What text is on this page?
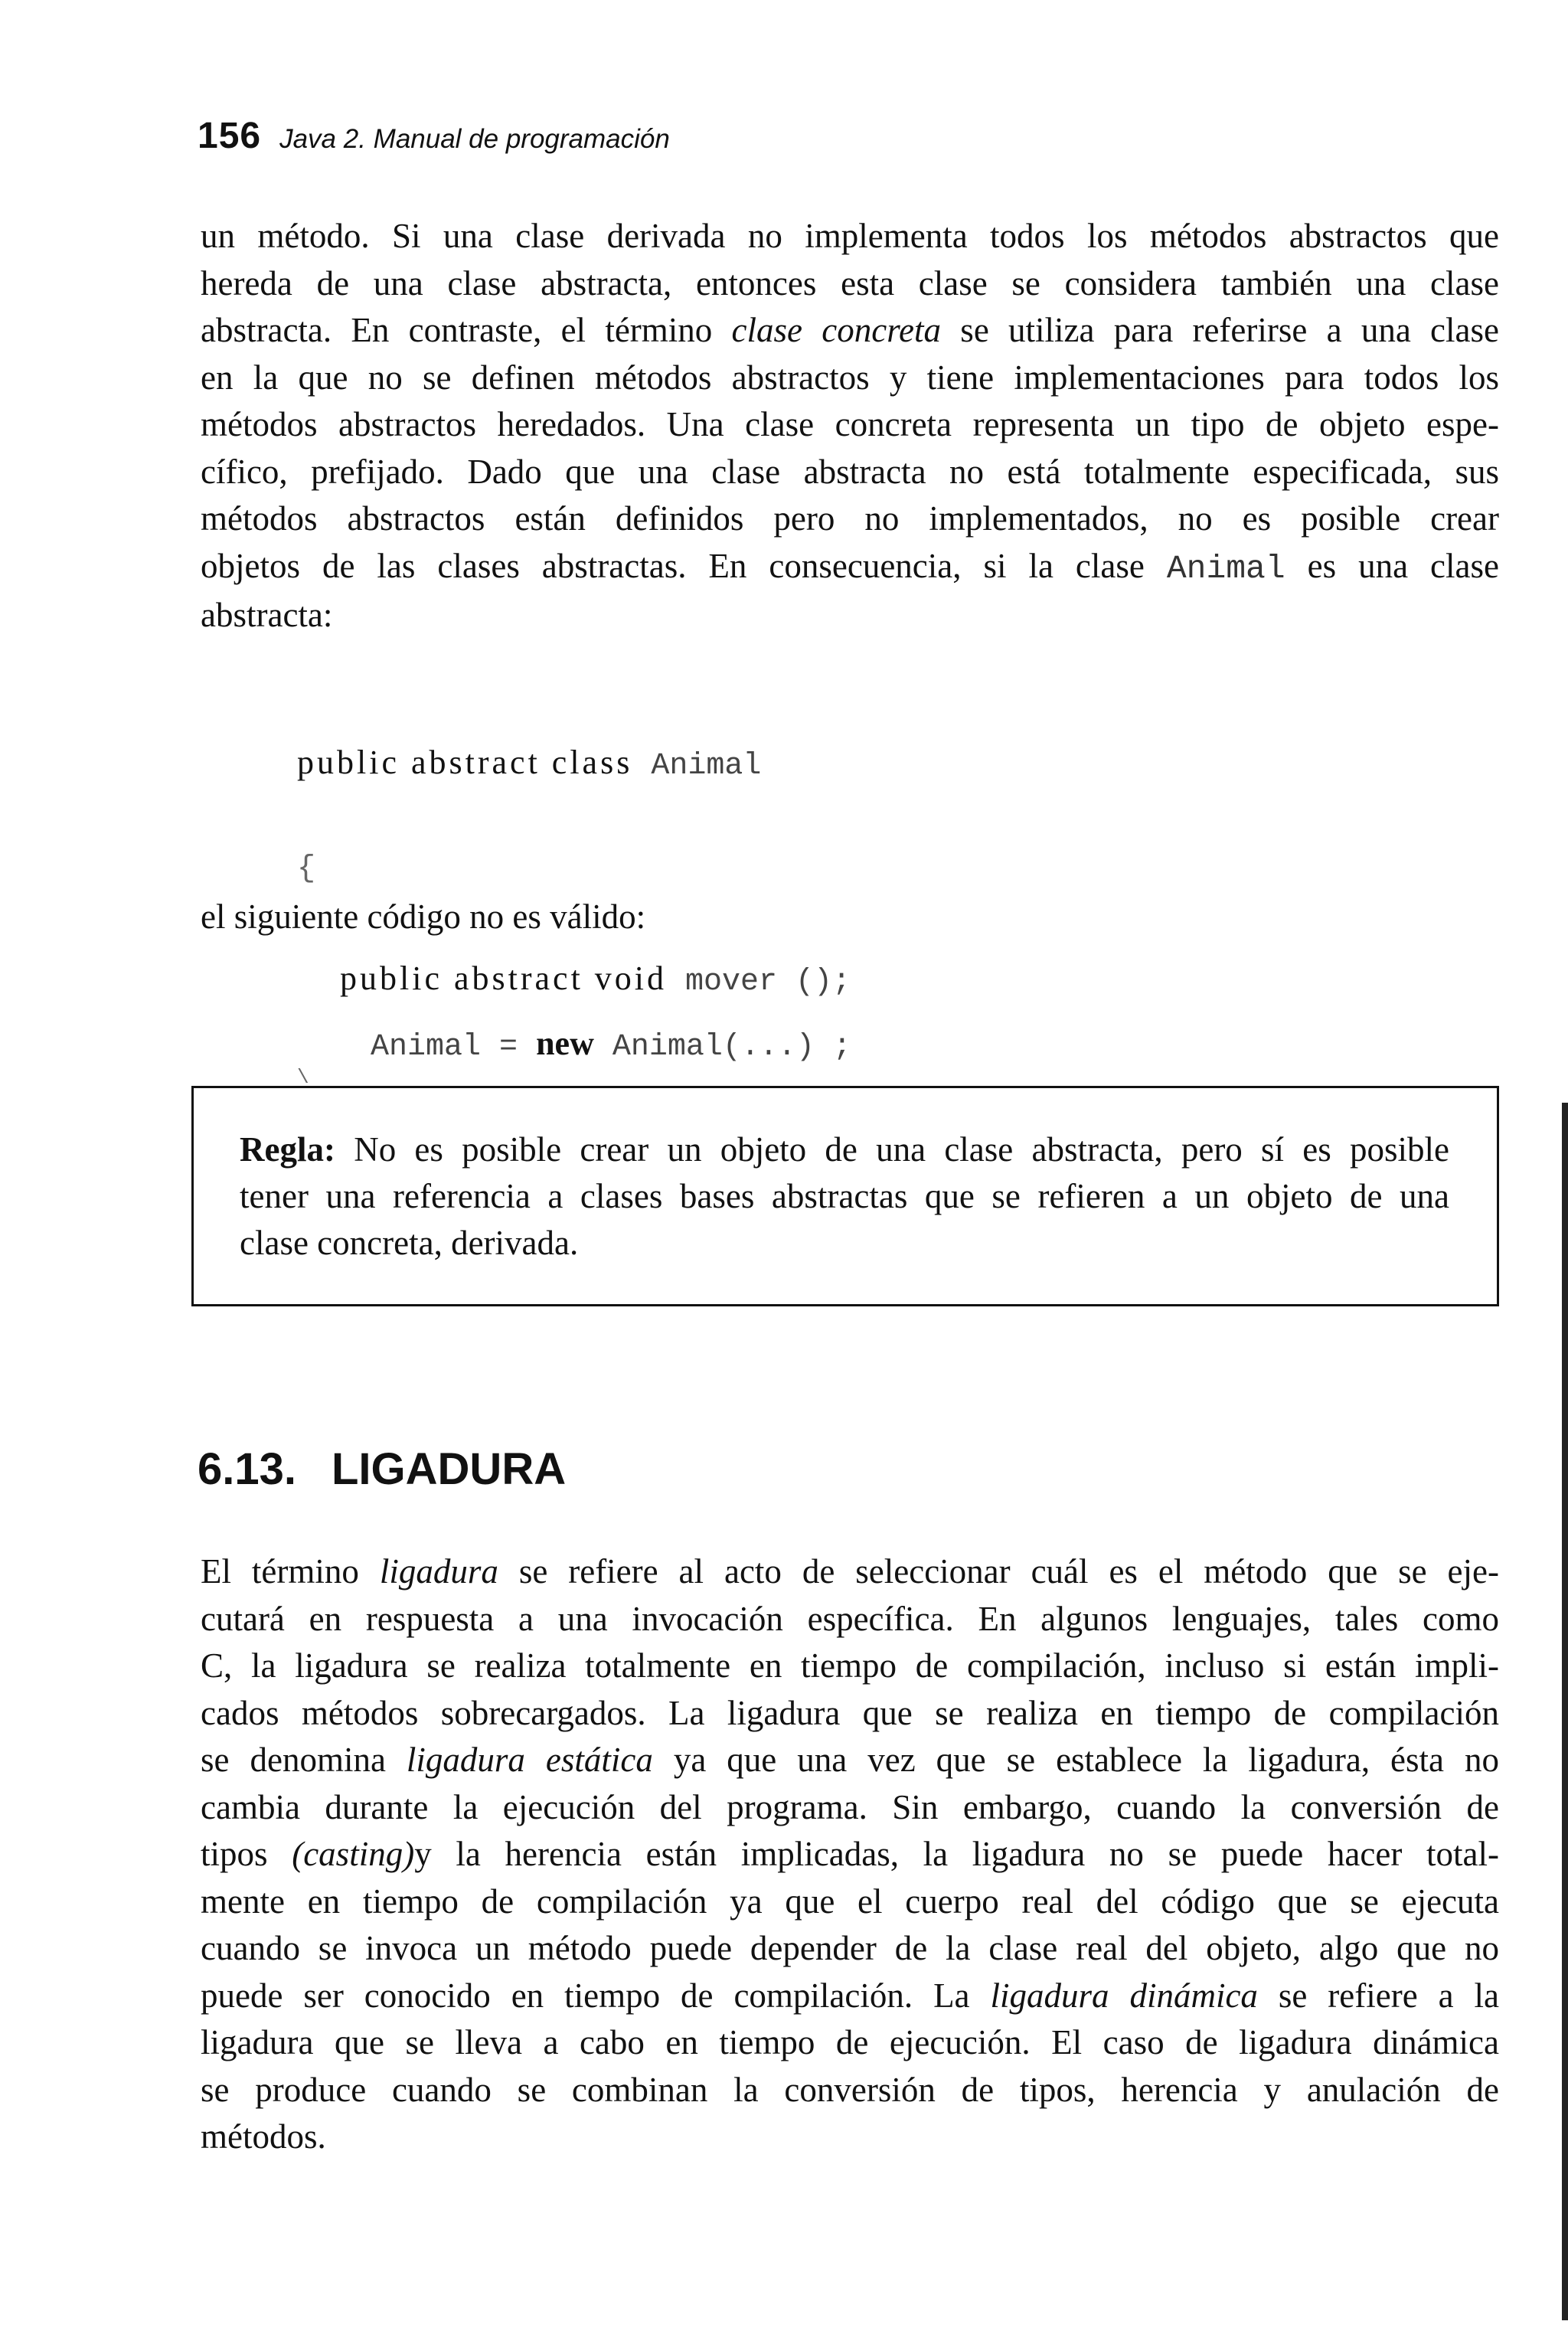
156 Java 2. Manual de programación
un método. Si una clase derivada no implementa todos los métodos abstractos que
hereda de una clase abstracta, entonces esta clase se considera también una clase
abstracta. En contraste, el término clase concreta se utiliza para referirse a una clase
en la que no se definen métodos abstractos y tiene implementaciones para todos los
métodos abstractos heredados. Una clase concreta representa un tipo de objeto espe-
cífico, prefijado. Dado que una clase abstracta no está totalmente especificada, sus
métodos abstractos están definidos pero no implementados, no es posible crear
objetos de las clases abstractas. En consecuencia, si la clase Animal es una clase
abstracta:

public abstract class Animal

{

public abstract void mover ();

\

el siguiente código no es válido:

Animal = new Animal(...) ;

Regla: No es posible crear un objeto de una clase abstracta, pero sí es posible
tener una referencia a clases bases abstractas que se refieren a un objeto de una
clase concreta, derivada.
6.13. LIGADURA
El término ligadura se refiere al acto de seleccionar cuál es el método que se eje-
cutará en respuesta a una invocación específica. En algunos lenguajes, tales como
C, la ligadura se realiza totalmente en tiempo de compilación, incluso si están impli-
cados métodos sobrecargados. La ligadura que se realiza en tiempo de compilación
se denomina ligadura estática ya que una vez que se establece la ligadura, ésta no
cambia durante la ejecución del programa. Sin embargo, cuando la conversión de
tipos (casting)y la herencia están implicadas, la ligadura no se puede hacer total-
mente en tiempo de compilación ya que el cuerpo real del código que se ejecuta
cuando se invoca un método puede depender de la clase real del objeto, algo que no
puede ser conocido en tiempo de compilación. La ligadura dinámica se refiere a la
ligadura que se lleva a cabo en tiempo de ejecución. El caso de ligadura dinámica
se produce cuando se combinan la conversión de tipos, herencia y anulación de
métodos.
